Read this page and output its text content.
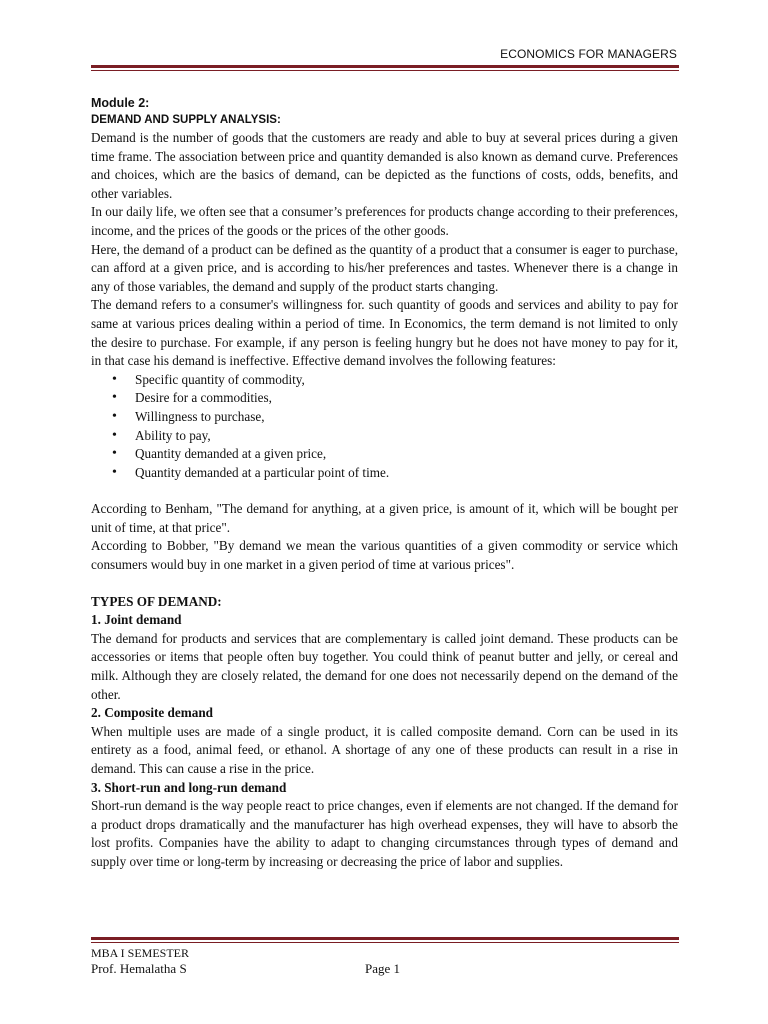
ECONOMICS FOR MANAGERS
Module 2:
DEMAND AND SUPPLY ANALYSIS:

Demand is the number of goods that the customers are ready and able to buy at several prices during a given time frame. The association between price and quantity demanded is also known as demand curve. Preferences and choices, which are the basics of demand, can be depicted as the functions of costs, odds, benefits, and other variables.

In our daily life, we often see that a consumer’s preferences for products change according to their preferences, income, and the prices of the goods or the prices of the other goods.

Here, the demand of a product can be defined as the quantity of a product that a consumer is eager to purchase, can afford at a given price, and is according to his/her preferences and tastes. Whenever there is a change in any of those variables, the demand and supply of the product starts changing.

The demand refers to a consumer's willingness for. such quantity of goods and services and ability to pay for same at various prices dealing within a period of time. In Economics, the term demand is not limited to only the desire to purchase. For example, if any person is feeling hungry but he does not have money to pay for it, in that case his demand is ineffective. Effective demand involves the following features:

• Specific quantity of commodity,
• Desire for a commodities,
• Willingness to purchase,
• Ability to pay,
• Quantity demanded at a given price,
• Quantity demanded at a particular point of time.

According to Benham, "The demand for anything, at a given price, is amount of it, which will be bought per unit of time, at that price".

According to Bobber, "By demand we mean the various quantities of a given commodity or service which consumers would buy in one market in a given period of time at various prices".

TYPES OF DEMAND:
1. Joint demand

The demand for products and services that are complementary is called joint demand. These products can be accessories or items that people often buy together. You could think of peanut butter and jelly, or cereal and milk. Although they are closely related, the demand for one does not necessarily depend on the demand of the other.

2. Composite demand

When multiple uses are made of a single product, it is called composite demand. Corn can be used in its entirety as a food, animal feed, or ethanol. A shortage of any one of these products can result in a rise in demand. This can cause a rise in the price.

3. Short-run and long-run demand

Short-run demand is the way people react to price changes, even if elements are not changed. If the demand for a product drops dramatically and the manufacturer has high overhead expenses, they will have to absorb the lost profits. Companies have the ability to adapt to changing circumstances through types of demand and supply over time or long-term by increasing or decreasing the price of labor and supplies.

MBA I SEMESTER
Prof. Hemalatha S	Page 1
